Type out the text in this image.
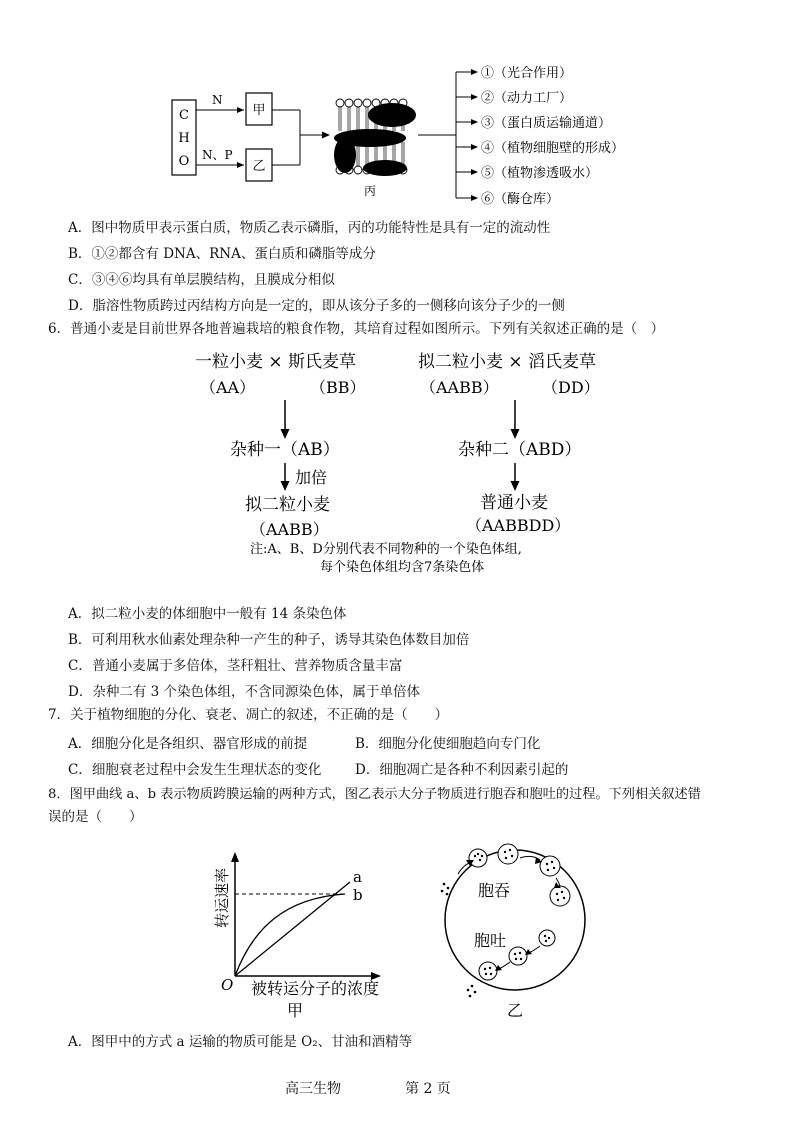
C
H
O
N
N、P
甲
乙
丙
①（光合作用）
②（动力工厂）
③（蛋白质运输通道）
④（植物细胞壁的形成）
⑤（植物渗透吸水）
⑥（酶仓库）
A．图中物质甲表示蛋白质，物质乙表示磷脂，丙的功能特性是具有一定的流动性
B．①②都含有 DNA、RNA、蛋白质和磷脂等成分
C．③④⑥均具有单层膜结构，且膜成分相似
D．脂溶性物质跨过丙结构方向是一定的，即从该分子多的一侧移向该分子少的一侧
6．普通小麦是目前世界各地普遍栽培的粮食作物，其培育过程如图所示。下列有关叙述正确的是（　）
一粒小麦 × 斯氏麦草
（AA）	（BB）
杂种一（AB）
加倍
拟二粒小麦
（AABB）
拟二粒小麦 × 滔氏麦草
（AABB）	（DD）
杂种二（ABD）
普通小麦
（AABBDD）
注:A、B、D分别代表不同物种的一个染色体组,
每个染色体组均含7条染色体
A．拟二粒小麦的体细胞中一般有 14 条染色体
B．可利用秋水仙素处理杂种一产生的种子，诱导其染色体数目加倍
C．普通小麦属于多倍体，茎秆粗壮、营养物质含量丰富
D．杂种二有 3 个染色体组，不含同源染色体，属于单倍体
7．关于植物细胞的分化、衰老、凋亡的叙述，不正确的是（　　）
A．细胞分化是各组织、器官形成的前提	B．细胞分化使细胞趋向专门化
C．细胞衰老过程中会发生生理状态的变化 D．细胞凋亡是各种不利因素引起的
8．图甲曲线 a、b 表示物质跨膜运输的两种方式，图乙表示大分子物质进行胞吞和胞吐的过程。下列相关叙述错
误的是（　　）
转运速率
O 被转运分子的浓度
甲
a
b	胞吞
胞吐
乙
A．图甲中的方式 a 运输的物质可能是 O₂、甘油和酒精等
高三生物	第 2 页
